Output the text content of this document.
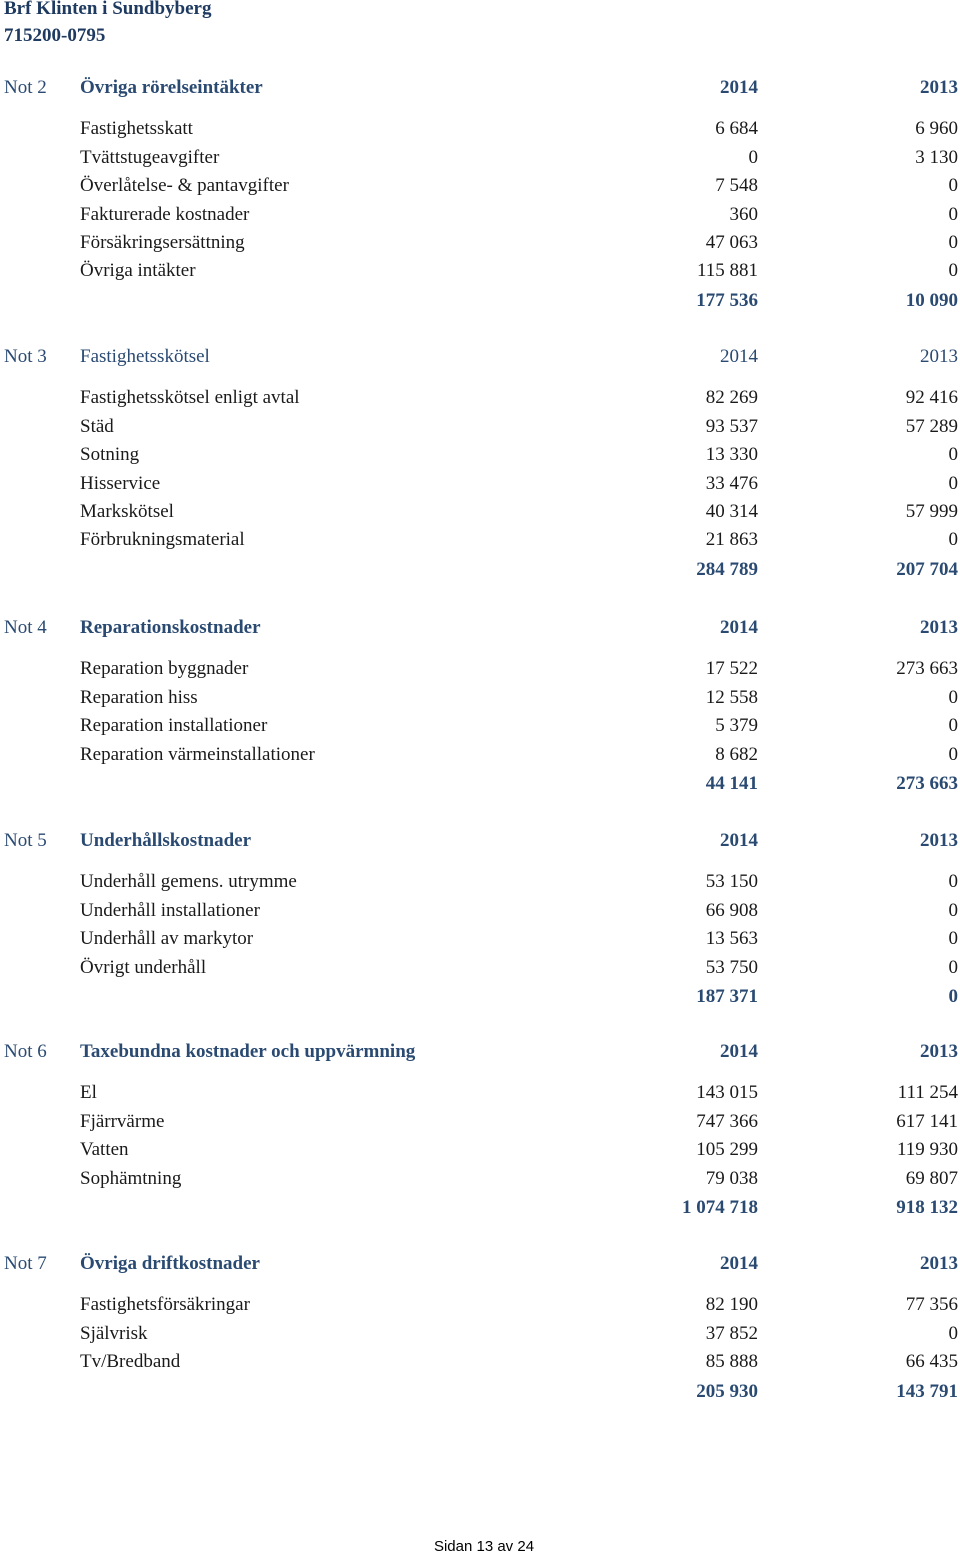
Brf Klinten i Sundbyberg
715200-0795
Not 2 Övriga rörelseintäkter	2014	2013
Fastighetsskatt	6 684	6 960
Tvättstugeavgifter	0	3 130
Överlåtelse- & pantavgifter	7 548	0
Fakturerade kostnader	360	0
Försäkringsersättning	47 063	0
Övriga intäkter	115 881	0
177 536	10 090
Not 3 Fastighetsskötsel	2014	2013
Fastighetsskötsel enligt avtal	82 269	92 416
Städ	93 537	57 289
Sotning	13 330	0
Hisservice	33 476	0
Markskötsel	40 314	57 999
Förbrukningsmaterial	21 863	0
284 789	207 704
Not 4 Reparationskostnader	2014	2013
Reparation byggnader	17 522	273 663
Reparation hiss	12 558	0
Reparation installationer	5 379	0
Reparation värmeinstallationer	8 682	0
44 141	273 663
Not 5 Underhållskostnader	2014	2013
Underhåll gemens. utrymme	53 150	0
Underhåll installationer	66 908	0
Underhåll av markytor	13 563	0
Övrigt underhåll	53 750	0
187 371	0
Not 6 Taxebundna kostnader och uppvärmning	2014	2013
El	143 015	111 254
Fjärrvärme	747 366	617 141
Vatten	105 299	119 930
Sophämtning	79 038	69 807
1 074 718	918 132
Not 7 Övriga driftkostnader	2014	2013
Fastighetsförsäkringar	82 190	77 356
Självrisk	37 852	0
Tv/Bredband	85 888	66 435
205 930	143 791
Sidan 13 av 24
